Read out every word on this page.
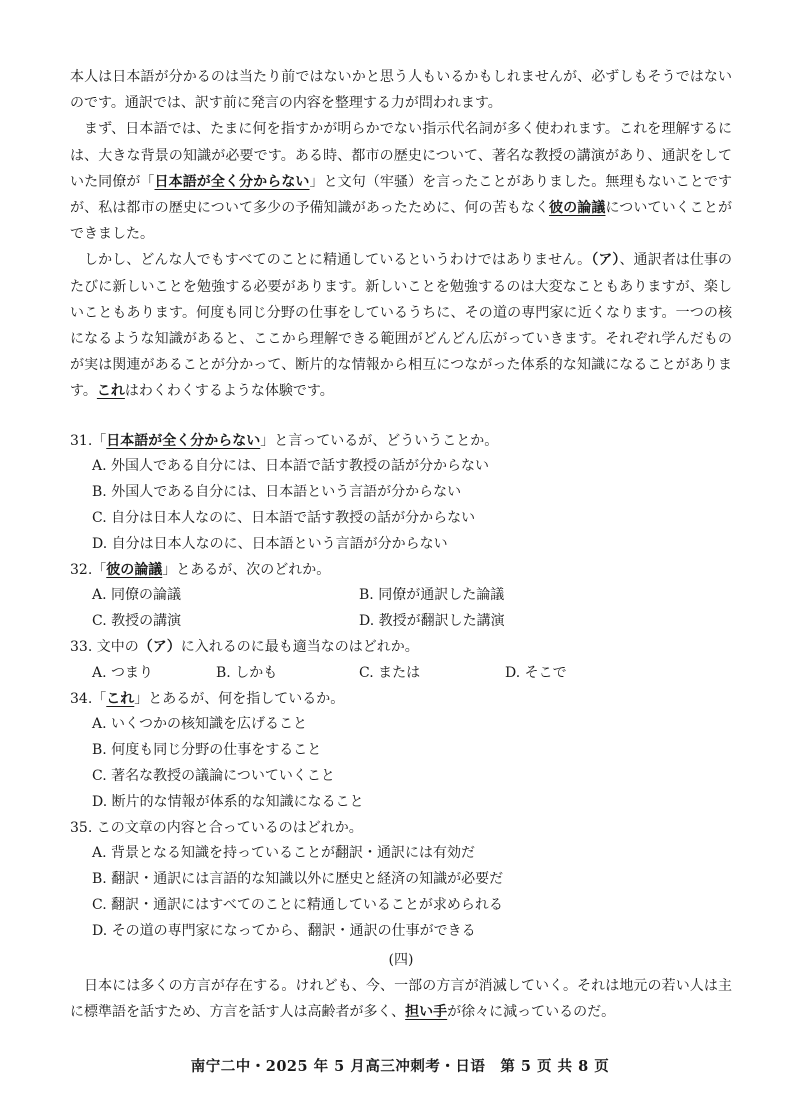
本人は日本語が分かるのは当たり前ではないかと思う人もいるかもしれませんが、必ずしもそうではないのです。通訳では、訳す前に発言の内容を整理する力が問われます。

まず、日本語では、たまに何を指すかが明らかでない指示代名詞が多く使われます。これを理解するには、大きな背景の知識が必要です。ある時、都市の歴史について、著名な教授の講演があり、通訳をしていた同僚が「日本語が全く分からない」と文句（牢骚）を言ったことがありました。無理もないことですが、私は都市の歴史について多少の予備知識があったために、何の苦もなく彼の論議についていくことができました。

しかし、どんな人でもすべてのことに精通しているというわけではありません。（ア）、通訳者は仕事のたびに新しいことを勉強する必要があります。新しいことを勉強するのは大変なこともありますが、楽しいこともあります。何度も同じ分野の仕事をしているうちに、その道の専門家に近くなります。一つの核になるような知識があると、ここから理解できる範囲がどんどん広がっていきます。それぞれ学んだものが実は関連があることが分かって、断片的な情報から相互につながった体系的な知識になることがあります。これはわくわくするような体験です。

31.「日本語が全く分からない」と言っているが、どういうことか。

A. 外国人である自分には、日本語で話す教授の話が分からない

B. 外国人である自分には、日本語という言語が分からない

C. 自分は日本人なのに、日本語で話す教授の話が分からない

D. 自分は日本人なのに、日本語という言語が分からない

32.「彼の論議」とあるが、次のどれか。

A. 同僚の論議	B. 同僚が通訳した論議
C. 教授の講演	D. 教授が翻訳した講演

33. 文中の（ア）に入れるのに最も適当なのはどれか。

A. つまり	B. しかも	C. または	D. そこで

34.「これ」とあるが、何を指しているか。

A. いくつかの核知識を広げること

B. 何度も同じ分野の仕事をすること

C. 著名な教授の議論についていくこと

D. 断片的な情報が体系的な知識になること

35. この文章の内容と合っているのはどれか。

A. 背景となる知識を持っていることが翻訳・通訳には有効だ

B. 翻訳・通訳には言語的な知識以外に歴史と経済の知識が必要だ

C. 翻訳・通訳にはすべてのことに精通していることが求められる

D. その道の専門家になってから、翻訳・通訳の仕事ができる

(四)

日本には多くの方言が存在する。けれども、今、一部の方言が消滅していく。それは地元の若い人は主に標準語を話すため、方言を話す人は高齢者が多く、担い手が徐々に減っているのだ。

南宁二中・2025 年 5 月高三冲刺考・日语　第 5 页 共 8 页
